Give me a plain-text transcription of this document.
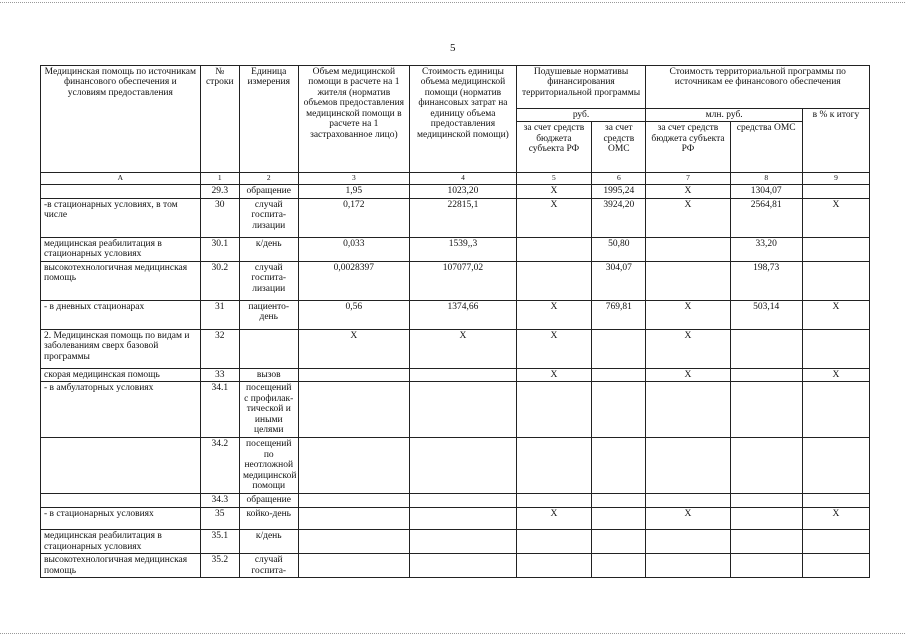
5
Медицинская помощь по источникам финансового обеспечения и условиям предоставления	№ строки	Единица измерения	Объем медицинской помощи в расчете на 1 жителя (норматив объемов предоставления медицинской помощи в расчете на 1 застрахованное лицо)	Стоимость единицы объема медицинской помощи (норматив финансовых затрат на единицу объема предоставления медицинской помощи)	Подушевые нормативы финансирования территориальной программы		Стоимость территориальной программы по источникам ее финансового обеспечения		
					руб.		млн. руб.		в % к итогу
					за счет средств бюджета субъекта РФ	за счет средств ОМС	за счет средств бюджета субъекта РФ	средства ОМС	
А	1	2	3	4	5	6	7	8	9
	29.3	обращение	1,95	1023,20	X	1995,24	X	1304,07	
-в стационарных условиях, в том числе	30	случай госпита-лизации	0,172	22815,1	X	3924,20	X	2564,81	X
медицинская реабилитация в стационарных условиях	30.1	к/день	0,033	1539,,3		50,80		33,20	
высокотехнологичная медицинская помощь	30.2	случай госпита-лизации	0,0028397	107077,02		304,07		198,73	
- в дневных стационарах	31	пациенто-день	0,56	1374,66	X	769,81	X	503,14	X
2. Медицинская помощь по видам и заболеваниям сверх базовой программы	32		X	X	X		X		
скорая медицинская помощь	33	вызов			X		X		X
- в амбулаторных условиях	34.1	посещений с профилак-тической и иными целями							
	34.2	посещений по неотложной медицинской помощи							
	34.3	обращение							
- в стационарных условиях	35	койко-день			X		X		X
медицинская реабилитация в стационарных условиях	35.1	к/день							
высокотехнологичная медицинская помощь	35.2	случай госпита-							
